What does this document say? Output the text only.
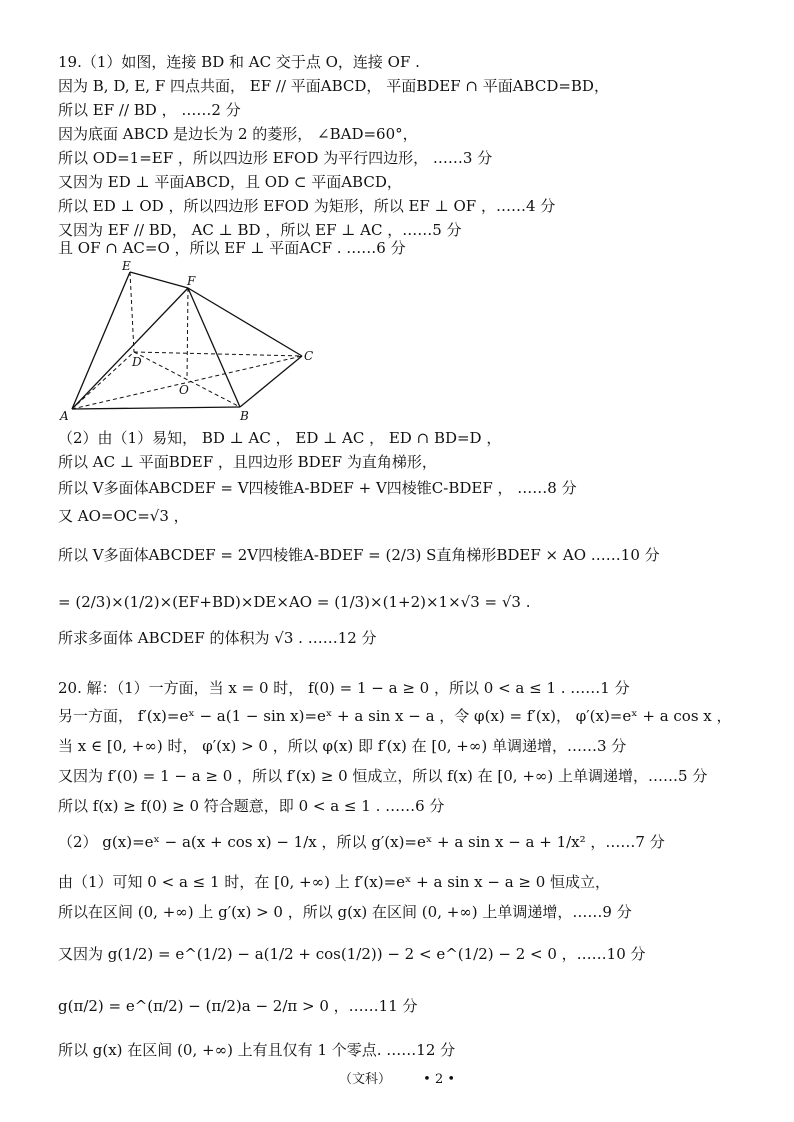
19.（1）如图，连接 BD 和 AC 交于点 O，连接 OF .
因为 B, D, E, F 四点共面， EF // 平面ABCD， 平面BDEF ∩ 平面ABCD=BD，
所以 EF // BD ， ……2 分
因为底面 ABCD 是边长为 2 的菱形， ∠BAD=60°，
所以 OD=1=EF ，所以四边形 EFOD 为平行四边形， ……3 分
又因为 ED ⊥ 平面ABCD，且 OD ⊂ 平面ABCD，
所以 ED ⊥ OD ，所以四边形 EFOD 为矩形，所以 EF ⊥ OF ，……4 分
又因为 EF // BD， AC ⊥ BD ，所以 EF ⊥ AC ，……5 分
且 OF ∩ AC=O ，所以 EF ⊥ 平面ACF . ……6 分
E
F
C
D
O
A	B
（2）由（1）易知， BD ⊥ AC ， ED ⊥ AC ， ED ∩ BD=D ，
所以 AC ⊥ 平面BDEF ，且四边形 BDEF 为直角梯形，
所以 V多面体ABCDEF = V四棱锥A-BDEF + V四棱锥C-BDEF ， ……8 分
又 AO=OC=√3 ，
所以 V多面体ABCDEF = 2V四棱锥A-BDEF = (2/3) S直角梯形BDEF × AO ……10 分
= (2/3)×(1/2)×(EF+BD)×DE×AO = (1/3)×(1+2)×1×√3 = √3 .
所求多面体 ABCDEF 的体积为 √3 . ……12 分
20. 解：（1）一方面，当 x = 0 时， f(0) = 1 − a ≥ 0 ，所以 0 < a ≤ 1 . ……1 分
另一方面， f′(x)=eˣ − a(1 − sin x)=eˣ + a sin x − a ，令 φ(x) = f′(x)， φ′(x)=eˣ + a cos x ，
当 x ∈ [0, +∞) 时， φ′(x) > 0 ，所以 φ(x) 即 f′(x) 在 [0, +∞) 单调递增，……3 分
又因为 f′(0) = 1 − a ≥ 0 ，所以 f′(x) ≥ 0 恒成立，所以 f(x) 在 [0, +∞) 上单调递增，……5 分
所以 f(x) ≥ f(0) ≥ 0 符合题意，即 0 < a ≤ 1 . ……6 分
（2） g(x)=eˣ − a(x + cos x) − 1/x ，所以 g′(x)=eˣ + a sin x − a + 1/x² ，……7 分
由（1）可知 0 < a ≤ 1 时，在 [0, +∞) 上 f′(x)=eˣ + a sin x − a ≥ 0 恒成立，
所以在区间 (0, +∞) 上 g′(x) > 0 ，所以 g(x) 在区间 (0, +∞) 上单调递增，……9 分
又因为 g(1/2) = e^(1/2) − a(1/2 + cos(1/2)) − 2 < e^(1/2) − 2 < 0 ，……10 分
g(π/2) = e^(π/2) − (π/2)a − 2/π > 0 ，……11 分
所以 g(x) 在区间 (0, +∞) 上有且仅有 1 个零点. ……12 分
（文科） • 2 •
